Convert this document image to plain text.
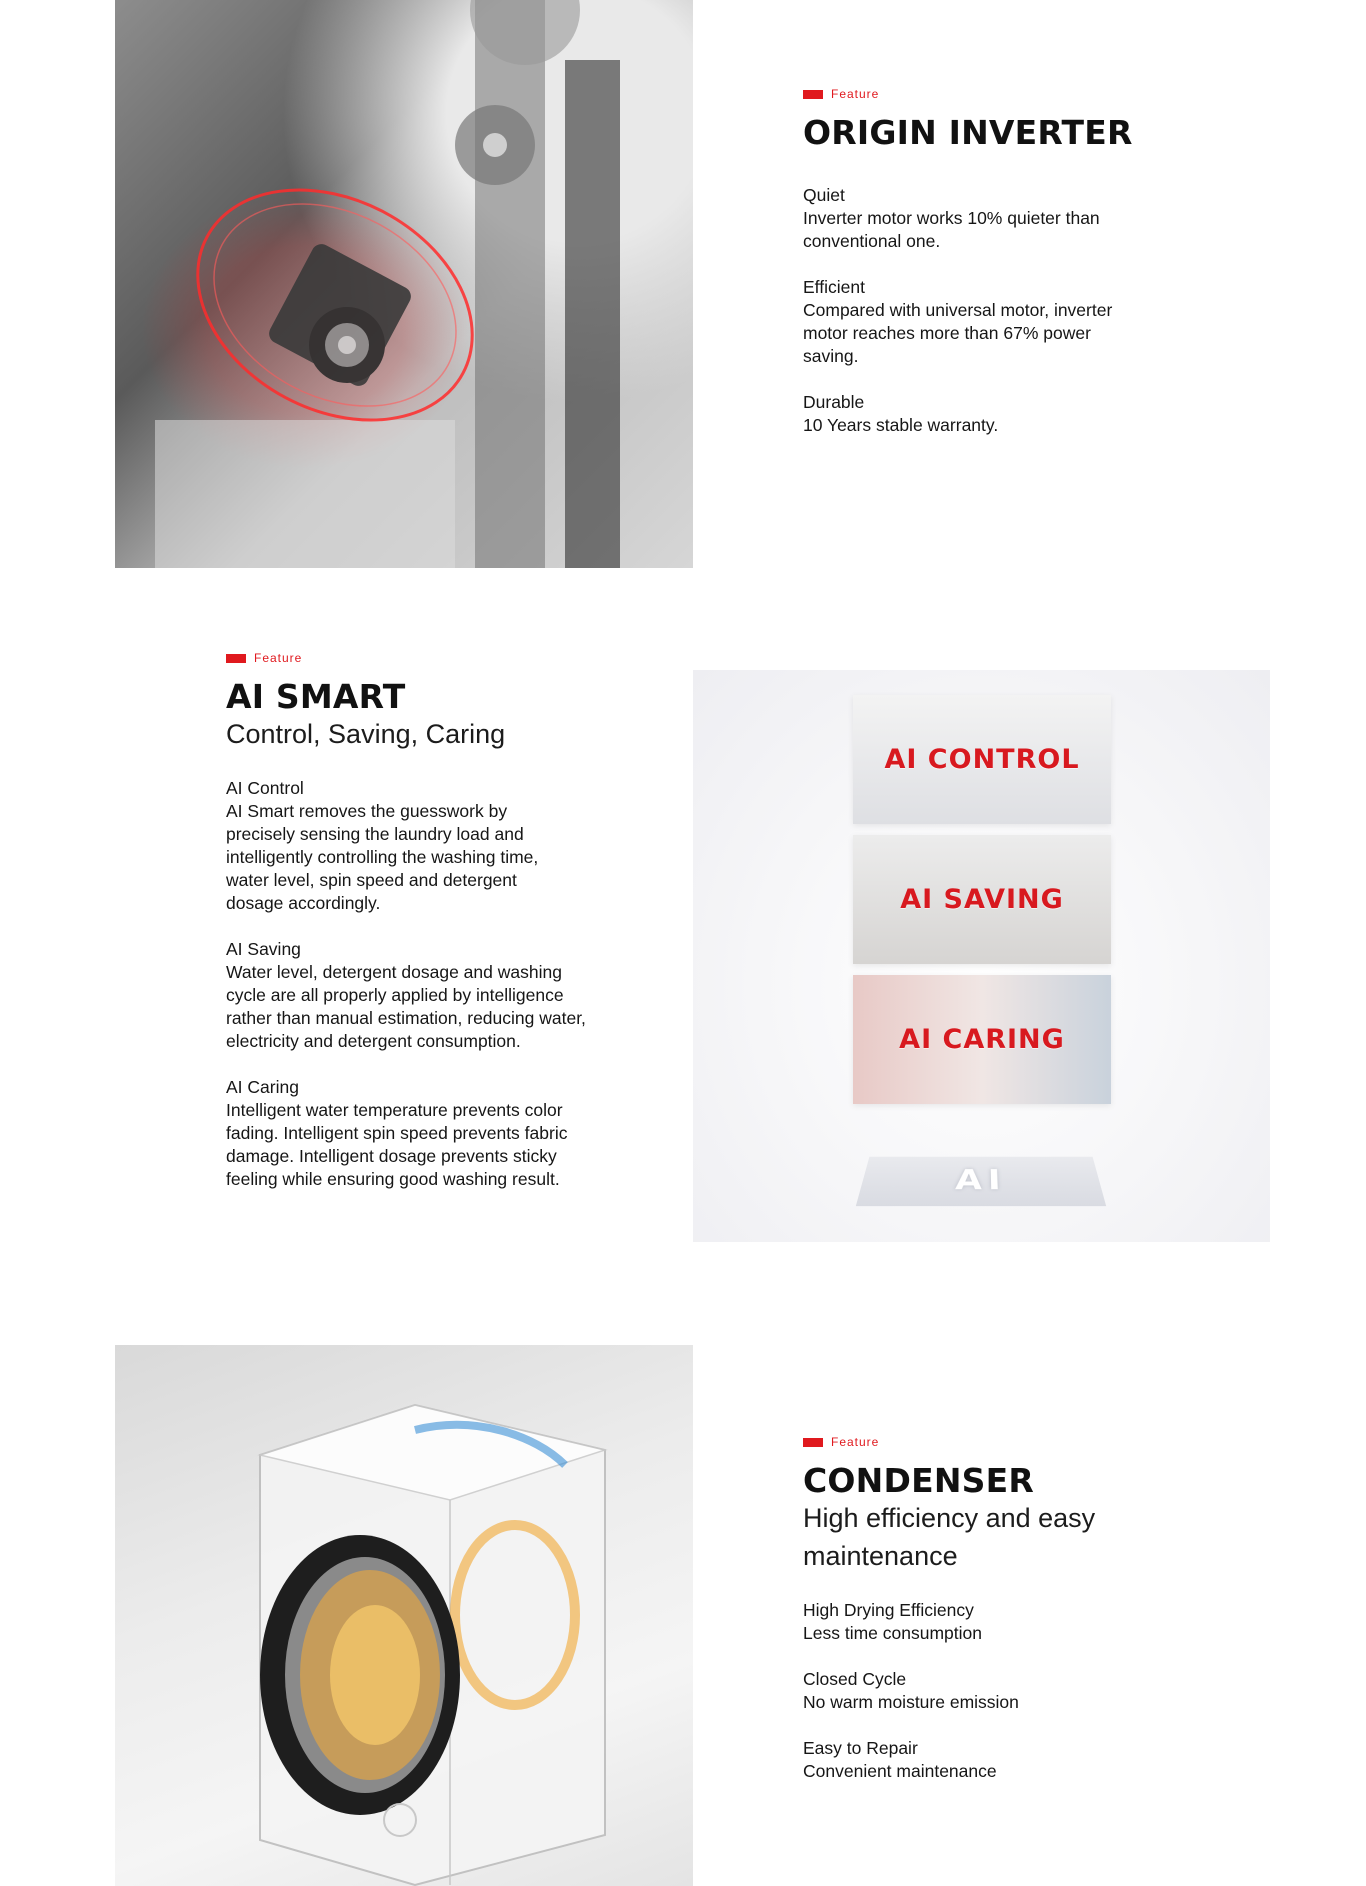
Feature
ORIGIN INVERTER
Quiet
Inverter motor works 10% quieter than conventional one.
Efficient
Compared with universal motor, inverter motor reaches more than 67% power saving.
Durable
10 Years stable warranty.
Feature
AI SMART
Control, Saving, Caring
AI Control
AI Smart removes the guesswork by precisely sensing the laundry load and intelligently controlling the washing time, water level, spin speed and detergent dosage accordingly.
AI Saving
Water level, detergent dosage and washing cycle are all properly applied by intelligence rather than manual estimation, reducing water, electricity and detergent consumption.
AI Caring
Intelligent water temperature prevents color fading. Intelligent spin speed prevents fabric damage. Intelligent dosage prevents sticky feeling while ensuring good washing result.
AI CONTROL
AI SAVING
AI CARING
AI
Feature
CONDENSER
High efficiency and easy maintenance
High Drying Efficiency
Less time consumption
Closed Cycle
No warm moisture emission
Easy to Repair
Convenient maintenance
